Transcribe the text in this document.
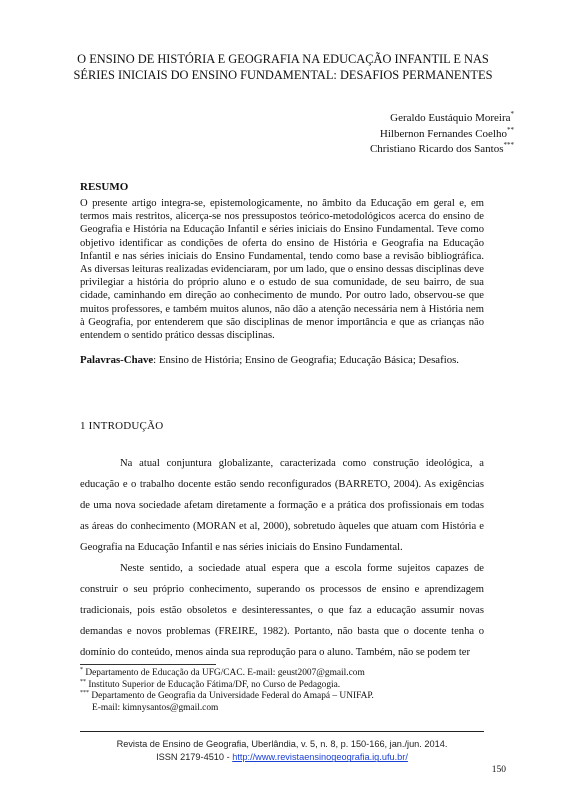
O ENSINO DE HISTÓRIA E GEOGRAFIA NA EDUCAÇÃO INFANTIL E NAS SÉRIES INICIAIS DO ENSINO FUNDAMENTAL: DESAFIOS PERMANENTES
Geraldo Eustáquio Moreira*
Hilbernon Fernandes Coelho**
Christiano Ricardo dos Santos***
RESUMO
O presente artigo integra-se, epistemologicamente, no âmbito da Educação em geral e, em termos mais restritos, alicerça-se nos pressupostos teórico-metodológicos acerca do ensino de Geografia e História na Educação Infantil e séries iniciais do Ensino Fundamental. Teve como objetivo identificar as condições de oferta do ensino de História e Geografia na Educação Infantil e nas séries iniciais do Ensino Fundamental, tendo como base a revisão bibliográfica. As diversas leituras realizadas evidenciaram, por um lado, que o ensino dessas disciplinas deve privilegiar a história do próprio aluno e o estudo de sua comunidade, de seu bairro, de sua cidade, caminhando em direção ao conhecimento de mundo. Por outro lado, observou-se que muitos professores, e também muitos alunos, não dão a atenção necessária nem à História nem à Geografia, por entenderem que são disciplinas de menor importância e que as crianças não entendem o sentido prático dessas disciplinas.
Palavras-Chave: Ensino de História; Ensino de Geografia; Educação Básica; Desafios.
1 INTRODUÇÃO

Na atual conjuntura globalizante, caracterizada como construção ideológica, a educação e o trabalho docente estão sendo reconfigurados (BARRETO, 2004). As exigências de uma nova sociedade afetam diretamente a formação e a prática dos profissionais em todas as áreas do conhecimento (MORAN et al, 2000), sobretudo àqueles que atuam com História e Geografia na Educação Infantil e nas séries iniciais do Ensino Fundamental.

Neste sentido, a sociedade atual espera que a escola forme sujeitos capazes de construir o seu próprio conhecimento, superando os processos de ensino e aprendizagem tradicionais, pois estão obsoletos e desinteressantes, o que faz a educação assumir novas demandas e novos problemas (FREIRE, 1982). Portanto, não basta que o docente tenha o domínio do conteúdo, menos ainda sua reprodução para o aluno. Também, não se podem ter

* Departamento de Educação da UFG/CAC. E-mail: geust2007@gmail.com
** Instituto Superior de Educação Fátima/DF, no Curso de Pedagogia.
*** Departamento de Geografia da Universidade Federal do Amapá – UNIFAP.
E-mail: kimnysantos@gmail.com
Revista de Ensino de Geografia, Uberlândia, v. 5, n. 8, p. 150-166, jan./jun. 2014.
ISSN 2179-4510 - http://www.revistaensinogeografia.ig.ufu.br/
150
